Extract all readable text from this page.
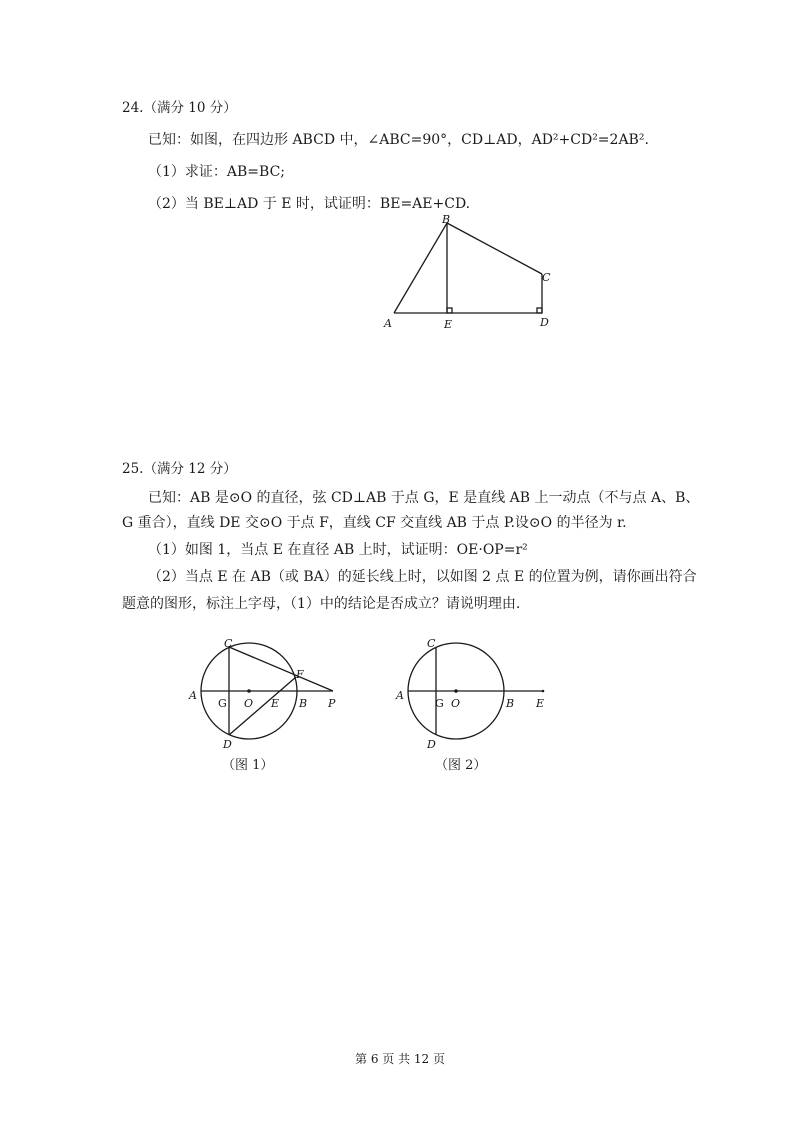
24.（满分 10 分）
已知：如图，在四边形 ABCD 中，∠ABC=90°，CD⊥AD，AD²+CD²=2AB².
（1）求证：AB=BC;
（2）当 BE⊥AD 于 E 时，试证明：BE=AE+CD.
A
B
C
E	D
25.（满分 12 分）
已知：AB 是⊙O 的直径，弦 CD⊥AB 于点 G，E 是直线 AB 上一动点（不与点 A、B、
G 重合），直线 DE 交⊙O 于点 F，直线 CF 交直线 AB 于点 P.设⊙O 的半径为 r.
（1）如图 1，当点 E 在直径 AB 上时，试证明：OE·OP=r²
（2）当点 E 在 AB（或 BA）的延长线上时，以如图 2 点 E 的位置为例，请你画出符合
题意的图形，标注上字母，（1）中的结论是否成立？请说明理由.
C
F
A
G O E B P
D
（图 1）
C
A
G O	B E
D
（图 2）
第 6 页 共 12 页
